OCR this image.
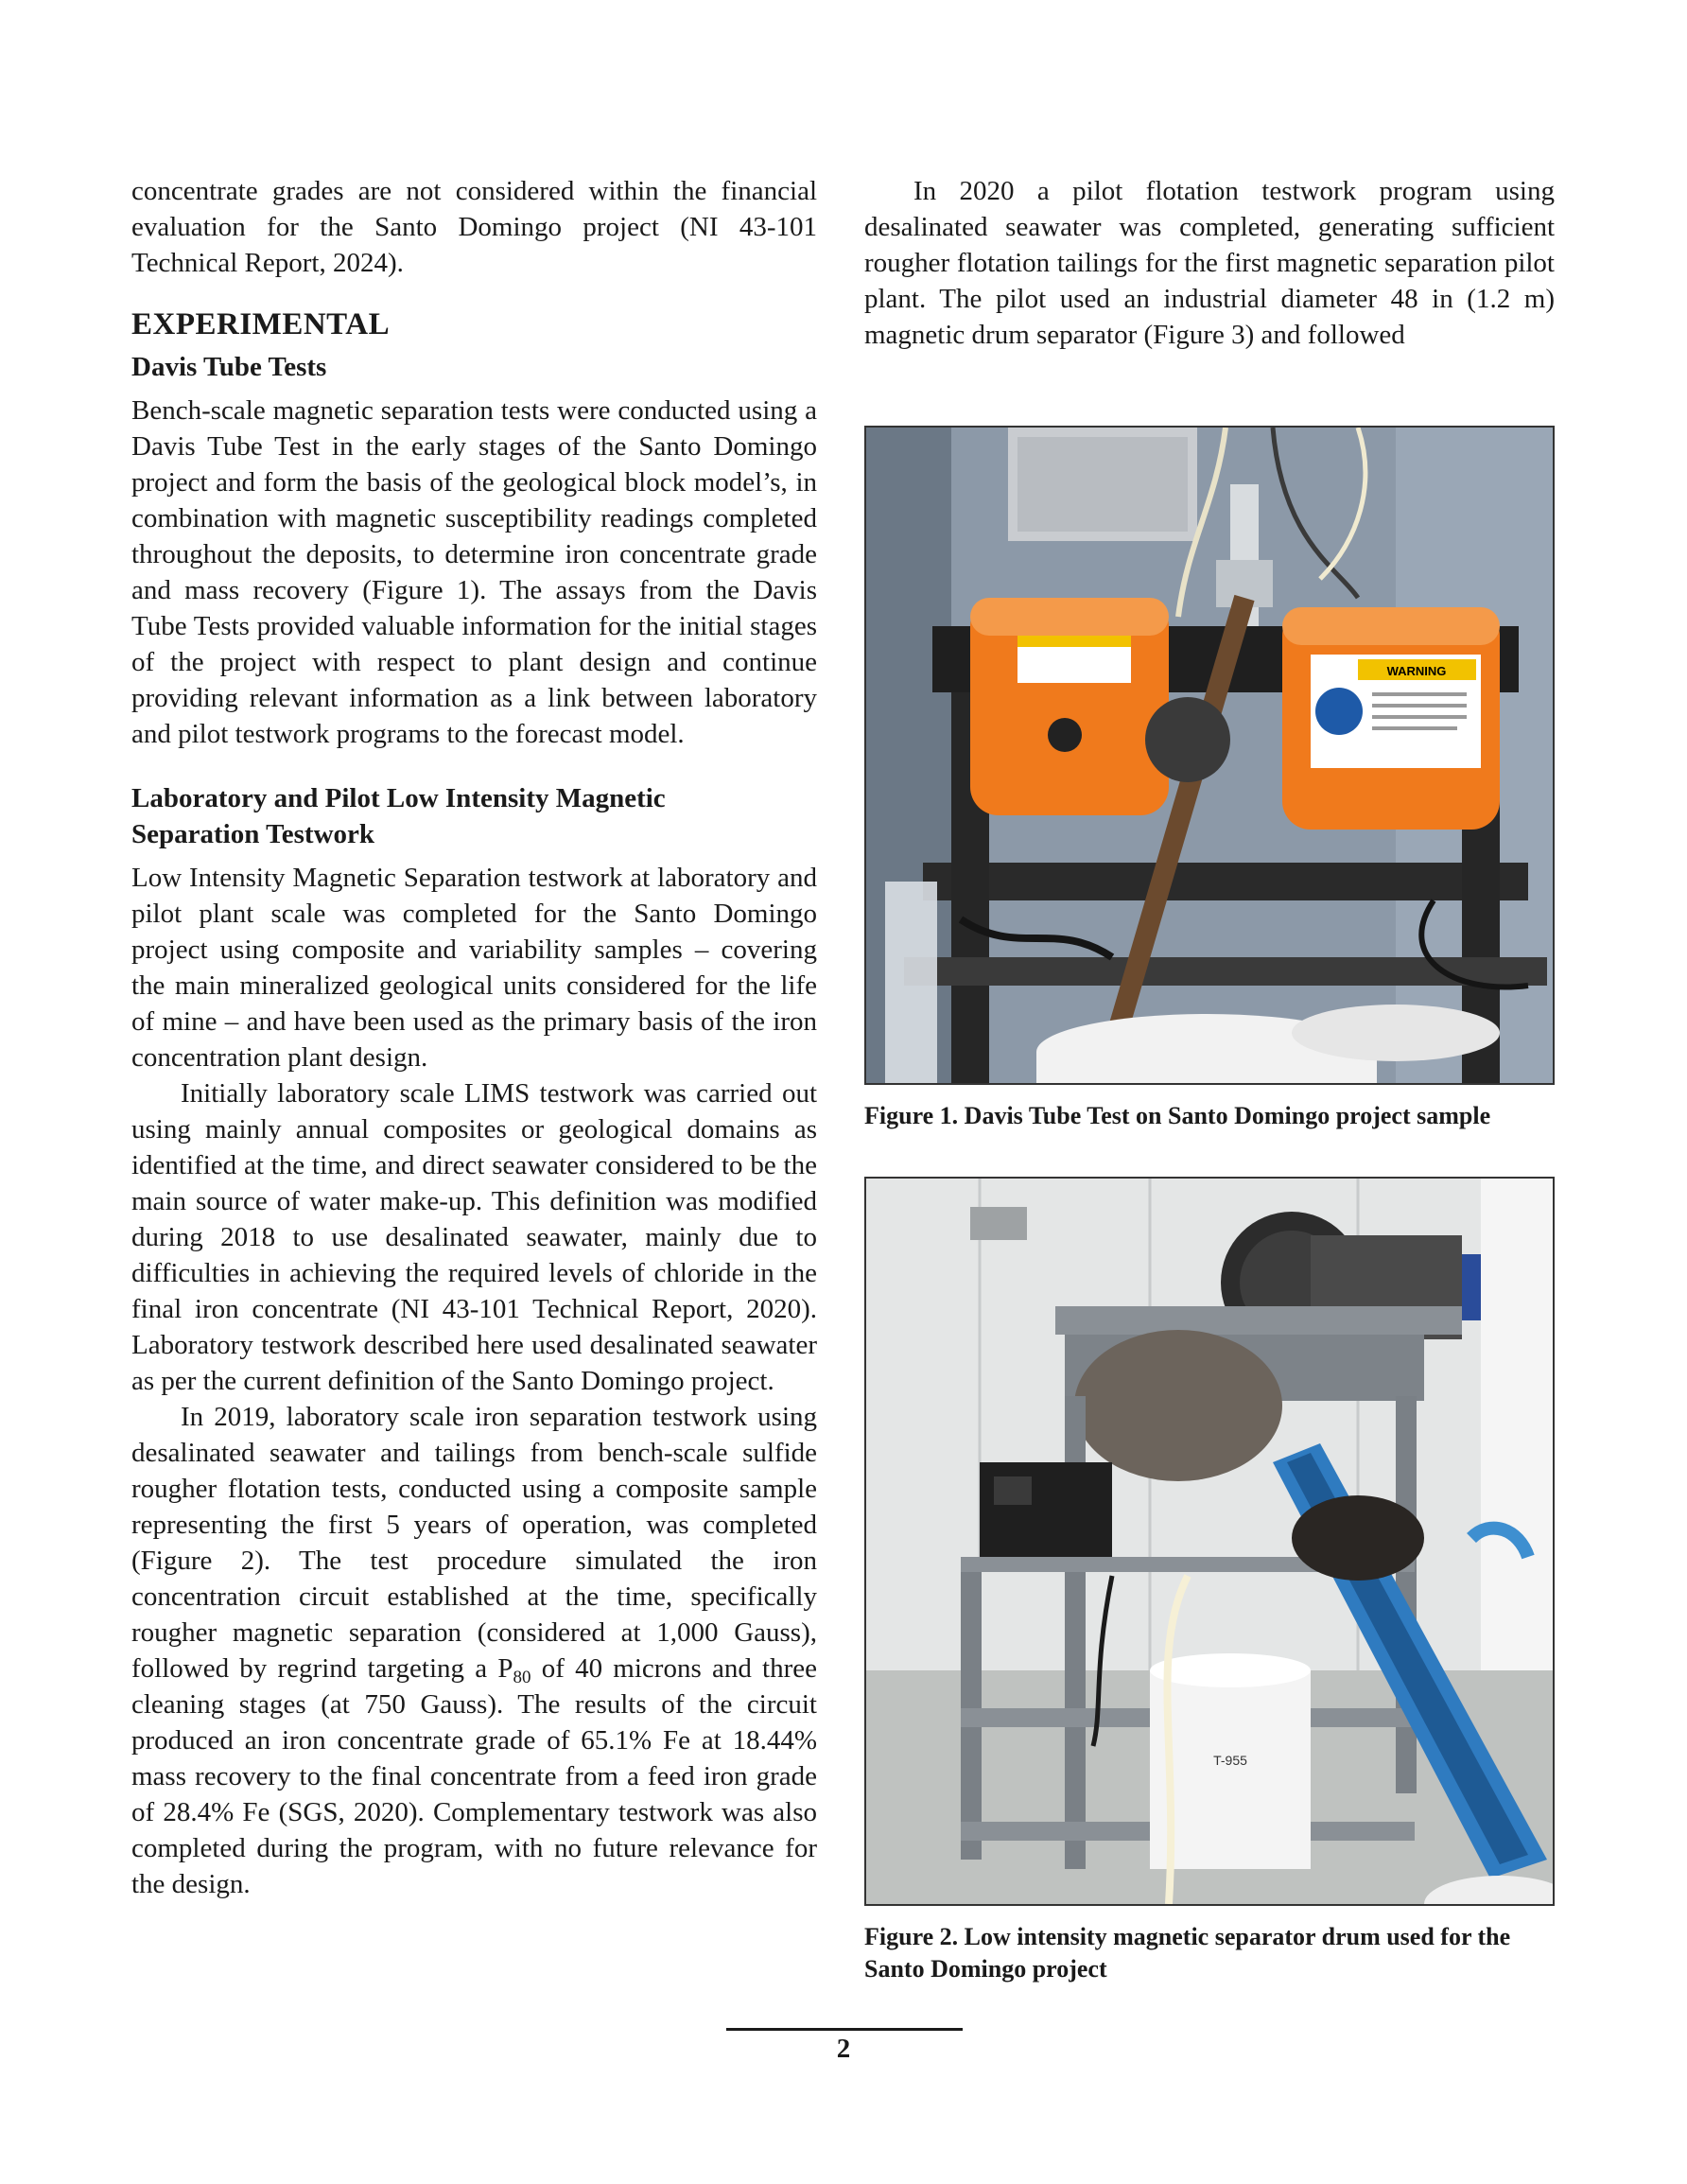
concentrate grades are not considered within the financial evaluation for the Santo Domingo project (NI 43-101 Technical Report, 2024).

EXPERIMENTAL
Davis Tube Tests

Bench-scale magnetic separation tests were conducted using a Davis Tube Test in the early stages of the Santo Domingo project and form the basis of the geological block model’s, in combination with magnetic susceptibility readings completed throughout the deposits, to determine iron concentrate grade and mass recovery (Figure 1). The assays from the Davis Tube Tests provided valuable information for the initial stages of the project with respect to plant design and continue providing relevant information as a link between laboratory and pilot testwork programs to the forecast model.

Laboratory and Pilot Low Intensity Magnetic
Separation Testwork

Low Intensity Magnetic Separation testwork at laboratory and pilot plant scale was completed for the Santo Domingo project using composite and variability samples – covering the main mineralized geological units considered for the life of mine – and have been used as the primary basis of the iron concentration plant design.

Initially laboratory scale LIMS testwork was carried out using mainly annual composites or geological domains as identified at the time, and direct seawater considered to be the main source of water make-up. This definition was modified during 2018 to use desalinated seawater, mainly due to difficulties in achieving the required levels of chloride in the final iron concentrate (NI 43-101 Technical Report, 2020). Laboratory testwork described here used desalinated seawater as per the current definition of the Santo Domingo project.

In 2019, laboratory scale iron separation testwork using desalinated seawater and tailings from bench-scale sulfide rougher flotation tests, conducted using a composite sample representing the first 5 years of operation, was completed (Figure 2). The test procedure simulated the iron concentration circuit established at the time, specifically rougher magnetic separation (considered at 1,000 Gauss), followed by regrind targeting a $P_{80}$ of 40 microns and three cleaning stages (at 750 Gauss). The results of the circuit produced an iron concentrate grade of 65.1% Fe at 18.44% mass recovery to the final concentrate from a feed iron grade of 28.4% Fe (SGS, 2020). Complementary testwork was also completed during the program, with no future relevance for the design.

In 2020 a pilot flotation testwork program using desalinated seawater was completed, generating sufficient rougher flotation tailings for the first magnetic separation pilot plant. The pilot used an industrial diameter 48 in (1.2 m) magnetic drum separator (Figure 3) and followed

WARNING
Figure 1. Davis Tube Test on Santo Domingo project sample
T-955
Figure 2. Low intensity magnetic separator drum used for the Santo Domingo project
2
